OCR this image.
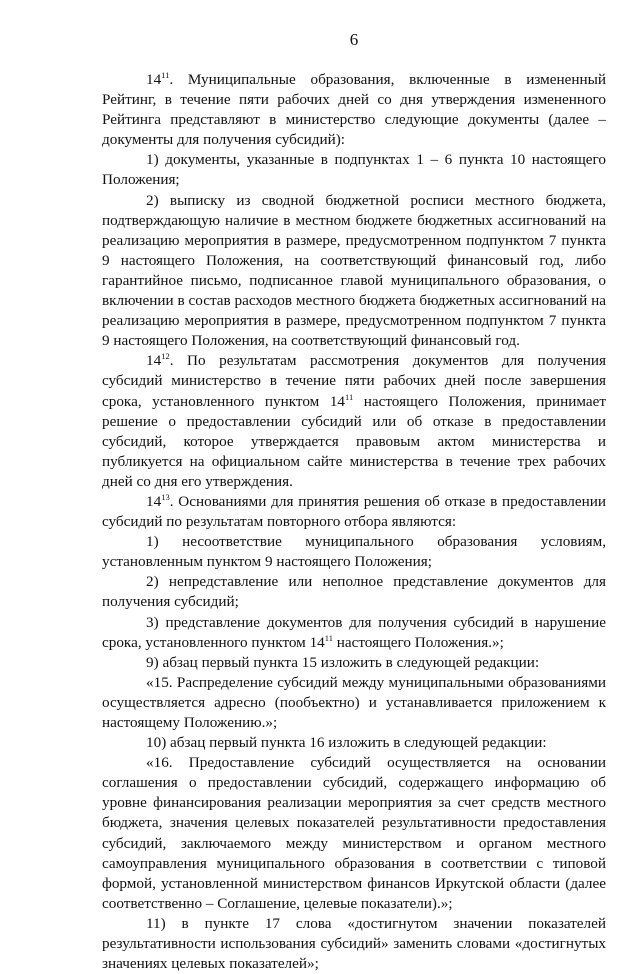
6

$14^{11}$. Муниципальные образования, включенные в измененный Рейтинг, в течение пяти рабочих дней со дня утверждения измененного Рейтинга представляют в министерство следующие документы (далее – документы для получения субсидий):

1) документы, указанные в подпунктах 1 – 6 пункта 10 настоящего Положения;

2) выписку из сводной бюджетной росписи местного бюджета, подтверждающую наличие в местном бюджете бюджетных ассигнований на реализацию мероприятия в размере, предусмотренном подпунктом 7 пункта 9 настоящего Положения, на соответствующий финансовый год, либо гарантийное письмо, подписанное главой муниципального образования, о включении в состав расходов местного бюджета бюджетных ассигнований на реализацию мероприятия в размере, предусмотренном подпунктом 7 пункта 9 настоящего Положения, на соответствующий финансовый год.

$14^{12}$. По результатам рассмотрения документов для получения субсидий министерство в течение пяти рабочих дней после завершения срока, установленного пунктом $14^{11}$ настоящего Положения, принимает решение о предоставлении субсидий или об отказе в предоставлении субсидий, которое утверждается правовым актом министерства и публикуется на официальном сайте министерства в течение трех рабочих дней со дня его утверждения.

$14^{13}$. Основаниями для принятия решения об отказе в предоставлении субсидий по результатам повторного отбора являются:

1) несоответствие муниципального образования условиям, установленным пунктом 9 настоящего Положения;

2) непредставление или неполное представление документов для получения субсидий;

3) представление документов для получения субсидий в нарушение срока, установленного пунктом $14^{11}$ настоящего Положения.»;

9) абзац первый пункта 15 изложить в следующей редакции:

«15. Распределение субсидий между муниципальными образованиями осуществляется адресно (пообъектно) и устанавливается приложением к настоящему Положению.»;

10) абзац первый пункта 16 изложить в следующей редакции:

«16. Предоставление субсидий осуществляется на основании соглашения о предоставлении субсидий, содержащего информацию об уровне финансирования реализации мероприятия за счет средств местного бюджета, значения целевых показателей результативности предоставления субсидий, заключаемого между министерством и органом местного самоуправления муниципального образования в соответствии с типовой формой, установленной министерством финансов Иркутской области (далее соответственно – Соглашение, целевые показатели).»;

11) в пункте 17 слова «достигнутом значении показателей результативности использования субсидий» заменить словами «достигнутых значениях целевых показателей»;
